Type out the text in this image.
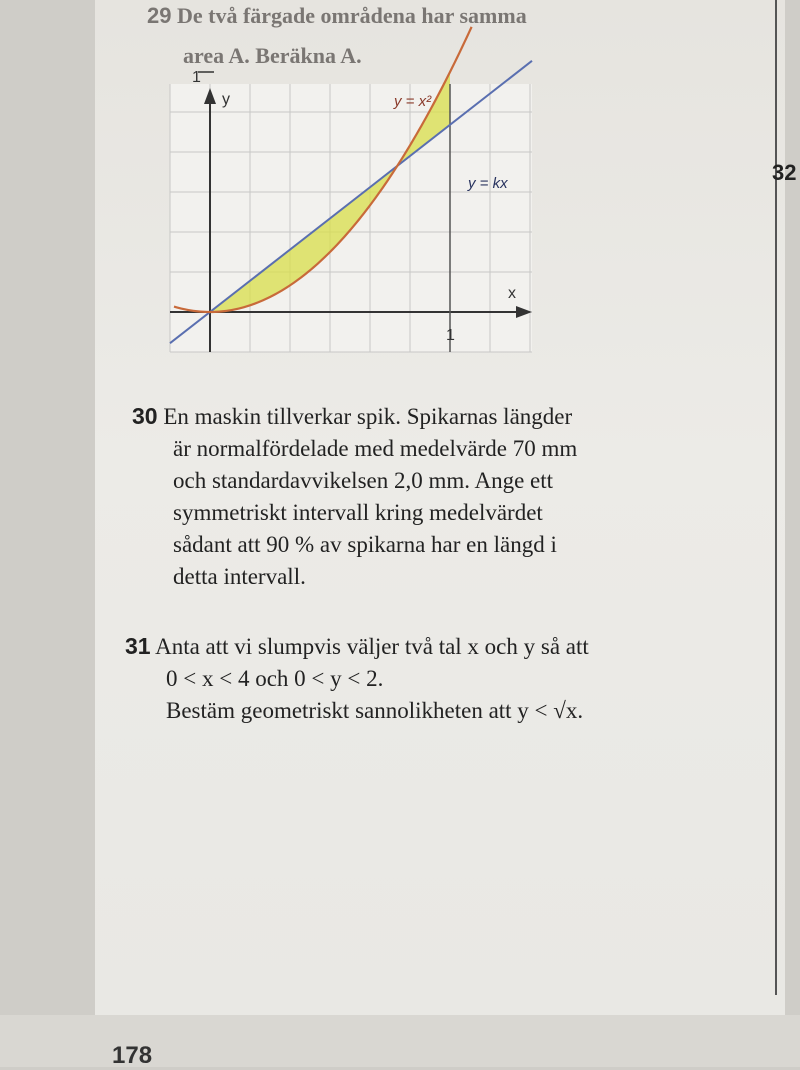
32
178
29 De två färgade områdena har samma
area A. Beräkna A.
y
x
1
1
y = x²
y = kx
30 En maskin tillverkar spik. Spikarnas längder
är normalfördelade med medelvärde 70 mm
och standardavvikelsen 2,0 mm. Ange ett
symmetriskt intervall kring medelvärdet
sådant att 90 % av spikarna har en längd i
detta intervall.
31 Anta att vi slumpvis väljer två tal x och y så att
0 < x < 4 och 0 < y < 2.
Bestäm geometriskt sannolikheten att y < √x.
